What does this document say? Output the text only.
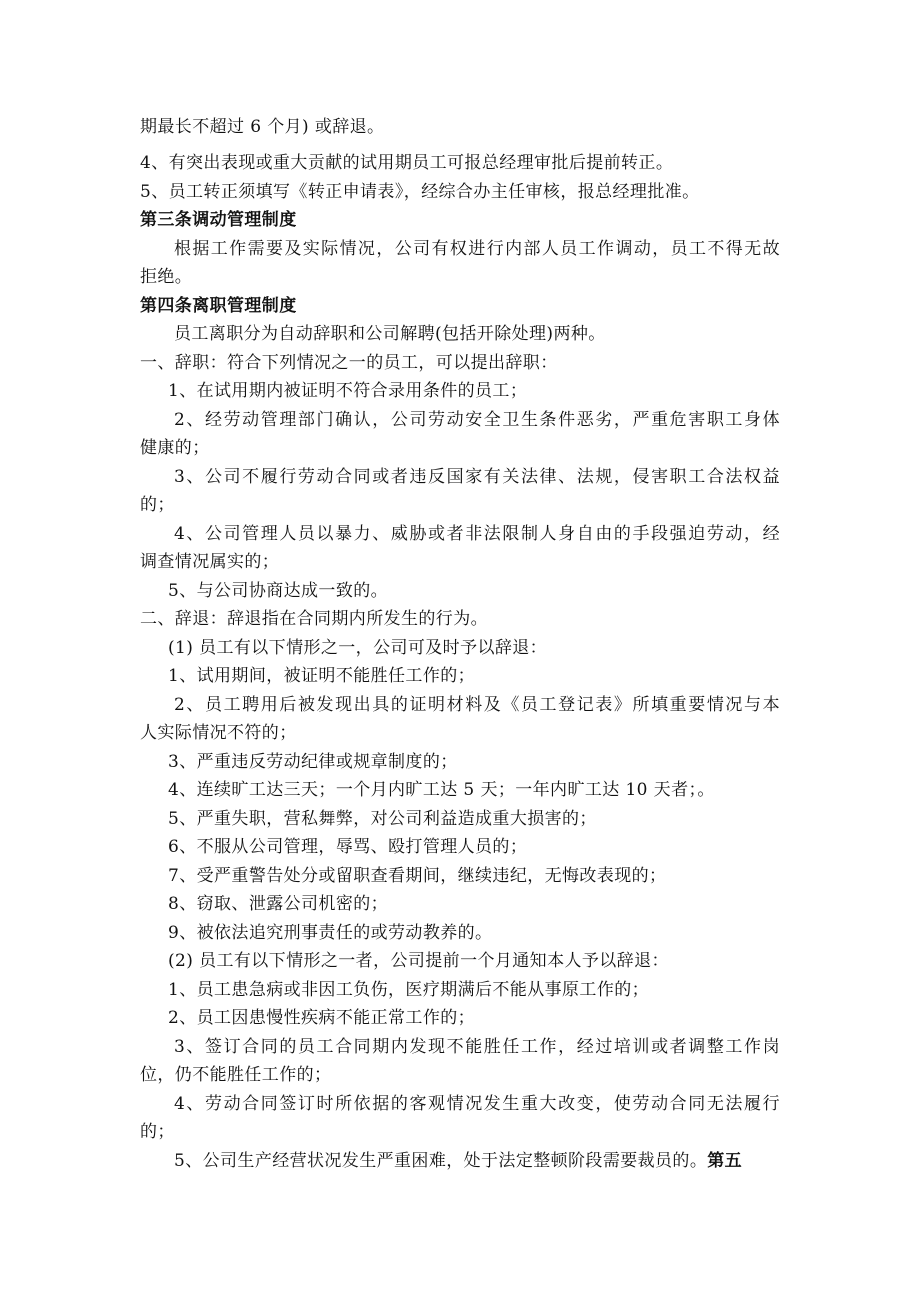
期最长不超过 6 个月) 或辞退。
4、有突出表现或重大贡献的试用期员工可报总经理审批后提前转正。
5、员工转正须填写《转正申请表》，经综合办主任审核，报总经理批准。
第三条调动管理制度
根据工作需要及实际情况，公司有权进行内部人员工作调动，员工不得无故
拒绝。
第四条离职管理制度
员工离职分为自动辞职和公司解聘(包括开除处理)两种。
一、辞职：符合下列情况之一的员工，可以提出辞职：
1、在试用期内被证明不符合录用条件的员工；
2、经劳动管理部门确认，公司劳动安全卫生条件恶劣，严重危害职工身体
健康的；
3、公司不履行劳动合同或者违反国家有关法律、法规，侵害职工合法权益
的；
4、公司管理人员以暴力、威胁或者非法限制人身自由的手段强迫劳动，经
调查情况属实的；
5、与公司协商达成一致的。
二、辞退：辞退指在合同期内所发生的行为。
(1) 员工有以下情形之一，公司可及时予以辞退：
1、试用期间，被证明不能胜任工作的；
2、员工聘用后被发现出具的证明材料及《员工登记表》所填重要情况与本
人实际情况不符的；
3、严重违反劳动纪律或规章制度的；
4、连续旷工达三天；一个月内旷工达 5 天；一年内旷工达 10 天者；。
5、严重失职，营私舞弊，对公司利益造成重大损害的；
6、不服从公司管理，辱骂、殴打管理人员的；
7、受严重警告处分或留职查看期间，继续违纪，无悔改表现的；
8、窃取、泄露公司机密的；
9、被依法追究刑事责任的或劳动教养的。
(2) 员工有以下情形之一者，公司提前一个月通知本人予以辞退：
1、员工患急病或非因工负伤，医疗期满后不能从事原工作的；
2、员工因患慢性疾病不能正常工作的；
3、签订合同的员工合同期内发现不能胜任工作，经过培训或者调整工作岗
位，仍不能胜任工作的；
4、劳动合同签订时所依据的客观情况发生重大改变，使劳动合同无法履行
的；
5、公司生产经营状况发生严重困难，处于法定整顿阶段需要裁员的。第五
